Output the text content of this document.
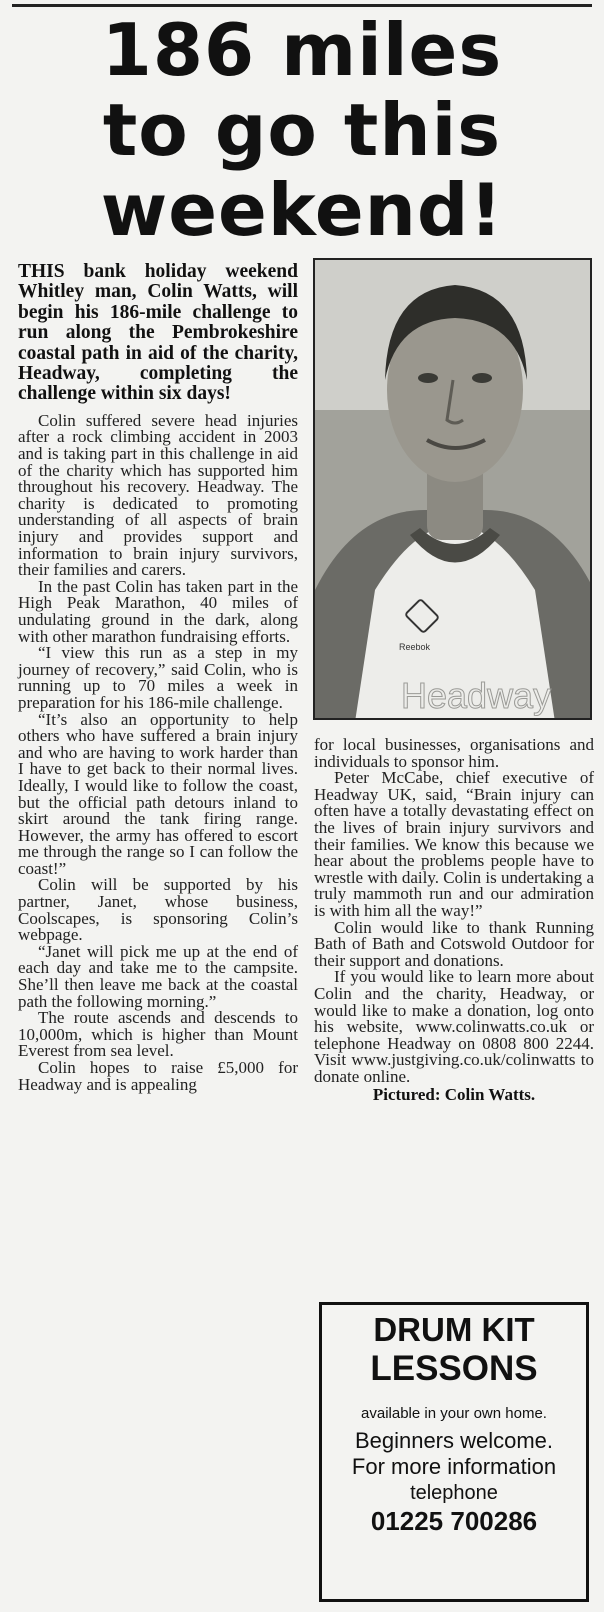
186 miles
to go this
weekend!

THIS bank holiday weekend Whitley man, Colin Watts, will begin his 186-mile challenge to run along the Pembrokeshire coastal path in aid of the charity, Headway, completing the challenge within six days!

Colin suffered severe head injuries after a rock climbing accident in 2003 and is taking part in this challenge in aid of the charity which has supported him throughout his recovery. Headway. The charity is dedicated to promoting understanding of all aspects of brain injury and provides support and information to brain injury survivors, their families and carers.

In the past Colin has taken part in the High Peak Marathon, 40 miles of undulating ground in the dark, along with other marathon fundraising efforts.

“I view this run as a step in my journey of recovery,” said Colin, who is running up to 70 miles a week in preparation for his 186-mile challenge.

“It’s also an opportunity to help others who have suffered a brain injury and who are having to work harder than I have to get back to their normal lives. Ideally, I would like to follow the coast, but the official path detours inland to skirt around the tank firing range. However, the army has offered to escort me through the range so I can follow the coast!”

Colin will be supported by his partner, Janet, whose business, Coolscapes, is sponsoring Colin’s webpage.

“Janet will pick me up at the end of each day and take me to the campsite. She’ll then leave me back at the coastal path the following morning.”

The route ascends and descends to 10,000m, which is higher than Mount Everest from sea level.

Colin hopes to raise £5,000 for Headway and is appealing

Reebok
Headway

for local businesses, organisations and individuals to sponsor him.

Peter McCabe, chief executive of Headway UK, said, “Brain injury can often have a totally devastating effect on the lives of brain injury survivors and their families. We know this because we hear about the problems people have to wrestle with daily. Colin is undertaking a truly mammoth run and our admiration is with him all the way!”

Colin would like to thank Running Bath of Bath and Cotswold Outdoor for their support and donations.

If you would like to learn more about Colin and the charity, Headway, or would like to make a donation, log onto his website, www.colinwatts.co.uk or telephone Headway on 0808 800 2244. Visit www.justgiving.co.uk/colinwatts to donate online.

Pictured: Colin Watts.

DRUM KIT
LESSONS
available in your own home.
Beginners welcome.
For more information
telephone
01225 700286
